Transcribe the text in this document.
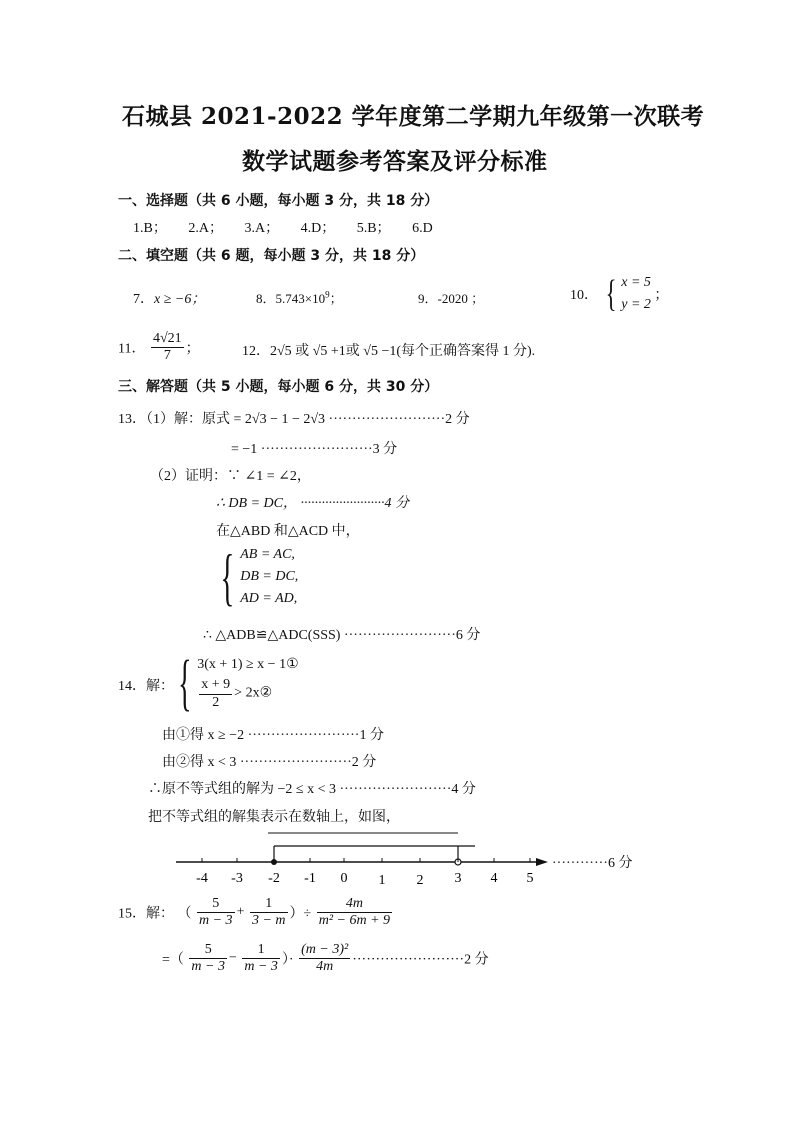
石城县 2021-2022 学年度第二学期九年级第一次联考
数学试题参考答案及评分标准
一、选择题（共 6 小题，每小题 3 分，共 18 分）
1.B； 2.A； 3.A； 4.D； 5.B； 6.D
二、填空题（共 6 题，每小题 3 分，共 18 分）
7．x ≥ −6；	8．$5.743\times 10^9$；	9．-2020 ；	10． { x = 5
y = 2
；
11． $\frac{4√21}{7}$ ；	12．2√5 或 √5 +1或 √5 −1(每个正确答案得 1 分).
三、解答题（共 5 小题，每小题 6 分，共 30 分）
13．（1）解：原式 = 2√3 − 1 − 2√3 ·························2 分
= −1 ························3 分
（2）证明：∵ ∠1 = ∠2，
∴ DB = DC， ························4 分
在△ABD 和△ACD 中，
{ AB = AC,
DB = DC,
AD = AD,
∴ △ADB≌△ADC(SSS) ························6 分
14．解： { 3(x + 1) ≥ x − 1①
$\frac{x + 9}{2}$ > 2x②
由①得 x ≥ −2 ························1 分
由②得 x < 3 ························2 分
∴原不等式组的解为 −2 ≤ x < 3 ························4 分
把不等式组的解集表示在数轴上，如图，
-4 -3 -2 -1 0 1 2 3 4 5
············6 分
15．解： （ $\frac{5}{m - 3} + \frac{1}{3 - m}$ ）÷ $\frac{4m}{\text{m² − 6m + 9}}$
=（ $\frac{5}{m - 3} - \frac{1}{m - 3}$ ）· $\frac{\text{(m − 3)²}}{4m} \cdot\cdot\cdot\cdot\cdot\cdot\cdot\cdot\cdot\cdot\cdot\cdot\cdot\cdot\cdot\cdot\cdot\cdot\cdot\cdot\cdot\cdot\cdot\cdot 2$ 分
